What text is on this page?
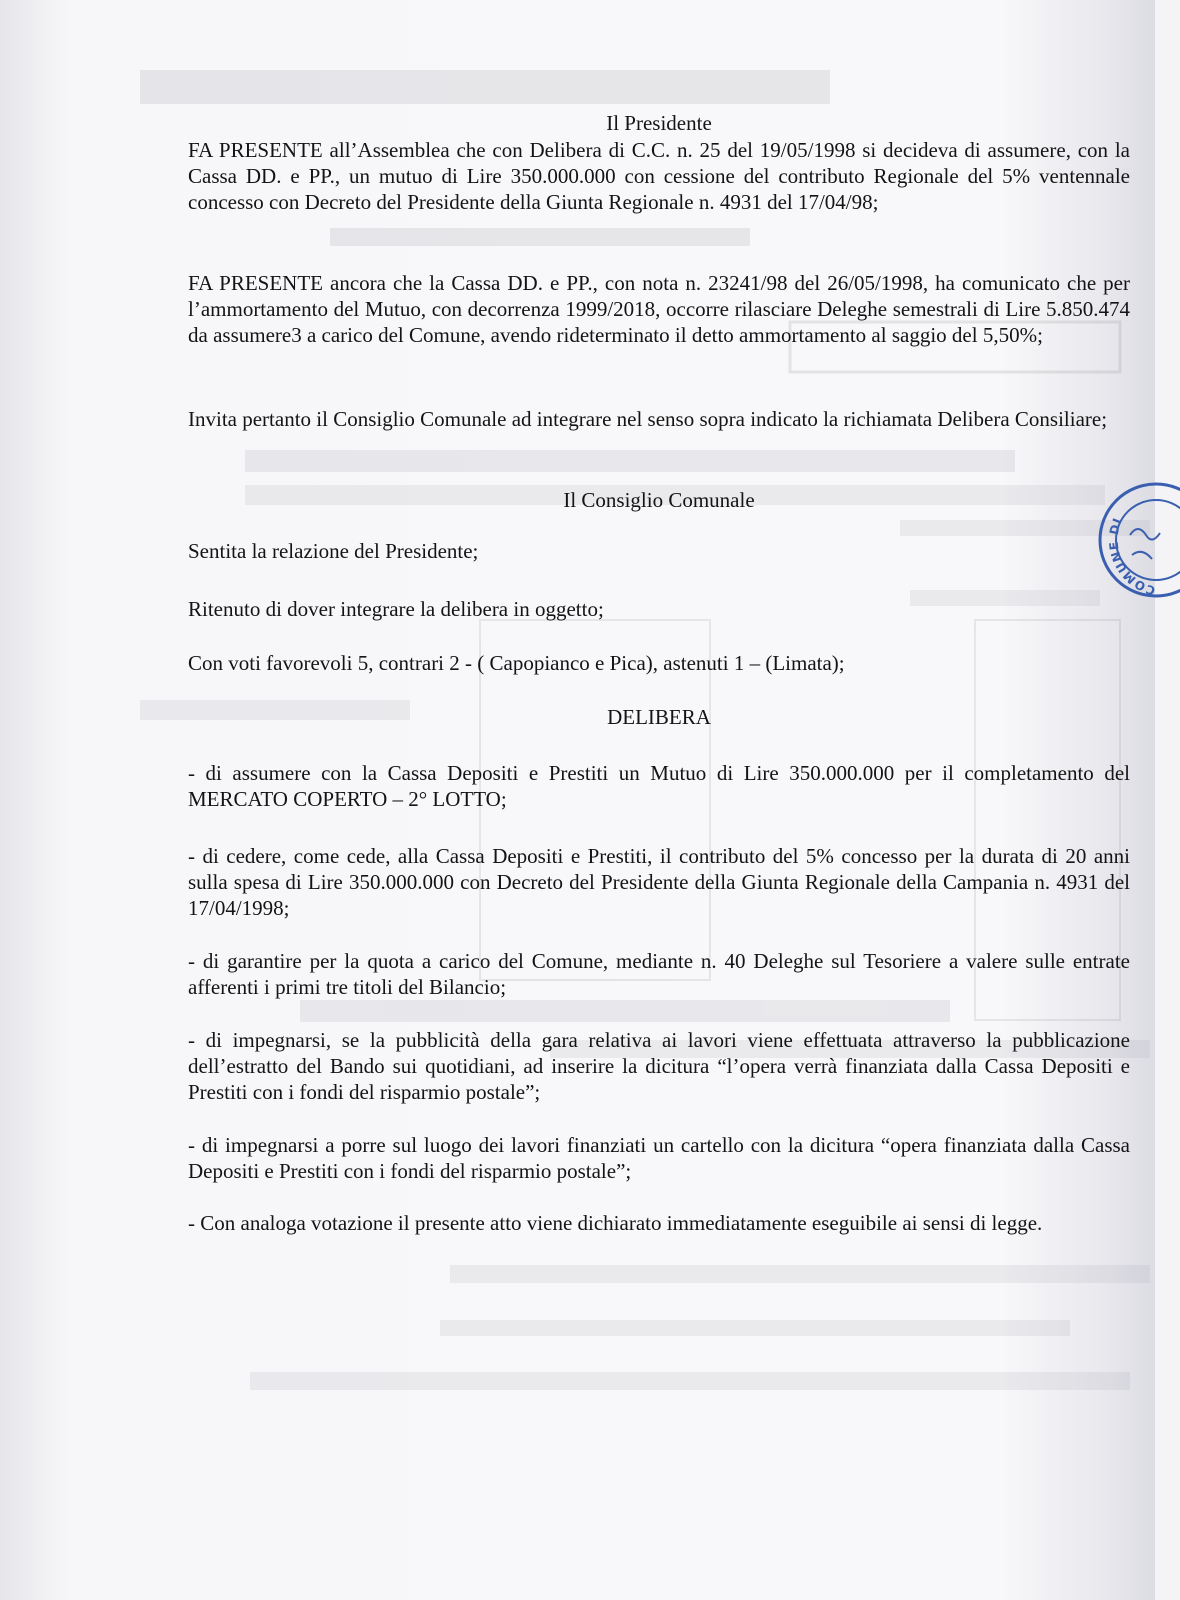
COMUNE DI

Il Presidente

FA PRESENTE all’Assemblea che con Delibera di C.C. n. 25 del 19/05/1998 si decideva di assumere, con la Cassa DD. e PP., un mutuo di Lire 350.000.000 con cessione del contributo Regionale del 5% ventennale concesso con Decreto del Presidente della Giunta Regionale n. 4931 del 17/04/98;

FA PRESENTE ancora che la Cassa DD. e PP., con nota n. 23241/98 del 26/05/1998, ha comunicato che per l’ammortamento del Mutuo, con decorrenza 1999/2018, occorre rilasciare Deleghe semestrali di Lire 5.850.474 da assumere3 a carico del Comune, avendo rideterminato il detto ammortamento al saggio del 5,50%;

Invita pertanto il Consiglio Comunale ad integrare nel senso sopra indicato la richiamata Delibera Consiliare;

Il Consiglio Comunale

Sentita la relazione del Presidente;

Ritenuto di dover integrare la delibera in oggetto;

Con voti favorevoli 5, contrari 2 - ( Capopianco e Pica), astenuti 1 – (Limata);

DELIBERA

- di assumere con la Cassa Depositi e Prestiti un Mutuo di Lire 350.000.000 per il completamento del MERCATO COPERTO – 2° LOTTO;

- di cedere, come cede, alla Cassa Depositi e Prestiti, il contributo del 5% concesso per la durata di 20 anni sulla spesa di Lire 350.000.000 con Decreto del Presidente della Giunta Regionale della Campania n. 4931 del 17/04/1998;

- di garantire per la quota a carico del Comune, mediante n. 40 Deleghe sul Tesoriere a valere sulle entrate afferenti i primi tre titoli del Bilancio;

- di impegnarsi, se la pubblicità della gara relativa ai lavori viene effettuata attraverso la pubblicazione dell’estratto del Bando sui quotidiani, ad inserire la dicitura “l’opera verrà finanziata dalla Cassa Depositi e Prestiti con i fondi del risparmio postale”;

- di impegnarsi a porre sul luogo dei lavori finanziati un cartello con la dicitura “opera finanziata dalla Cassa Depositi e Prestiti con i fondi del risparmio postale”;

- Con analoga votazione il presente atto viene dichiarato immediatamente eseguibile ai sensi di legge.
